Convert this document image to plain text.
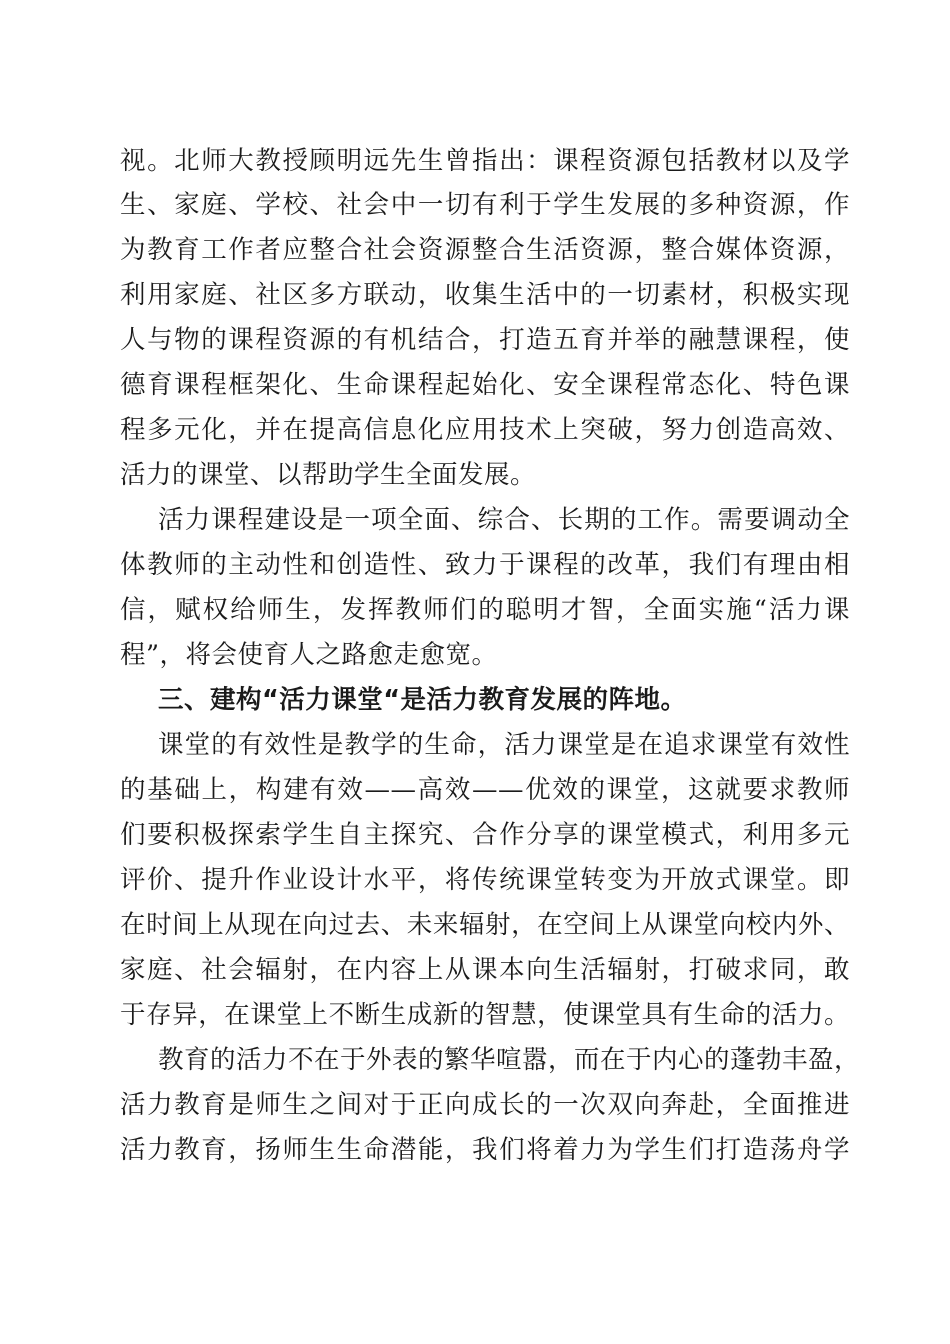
视。北师大教授顾明远先生曾指出：课程资源包括教材以及学
生、家庭、学校、社会中一切有利于学生发展的多种资源，作
为教育工作者应整合社会资源整合生活资源，整合媒体资源，
利用家庭、社区多方联动，收集生活中的一切素材，积极实现
人与物的课程资源的有机结合，打造五育并举的融慧课程，使
德育课程框架化、生命课程起始化、安全课程常态化、特色课
程多元化，并在提高信息化应用技术上突破，努力创造高效、
活力的课堂、以帮助学生全面发展。
活力课程建设是一项全面、综合、长期的工作。需要调动全
体教师的主动性和创造性、致力于课程的改革，我们有理由相
信，赋权给师生，发挥教师们的聪明才智，全面实施“活力课
程”，将会使育人之路愈走愈宽。
三、建构“活力课堂“是活力教育发展的阵地。
课堂的有效性是教学的生命，活力课堂是在追求课堂有效性
的基础上，构建有效——高效——优效的课堂，这就要求教师
们要积极探索学生自主探究、合作分享的课堂模式，利用多元
评价、提升作业设计水平，将传统课堂转变为开放式课堂。即
在时间上从现在向过去、未来辐射，在空间上从课堂向校内外、
家庭、社会辐射，在内容上从课本向生活辐射，打破求同，敢
于存异，在课堂上不断生成新的智慧，使课堂具有生命的活力。
教育的活力不在于外表的繁华喧嚣，而在于内心的蓬勃丰盈，
活力教育是师生之间对于正向成长的一次双向奔赴，全面推进
活力教育，扬师生生命潜能，我们将着力为学生们打造荡舟学
